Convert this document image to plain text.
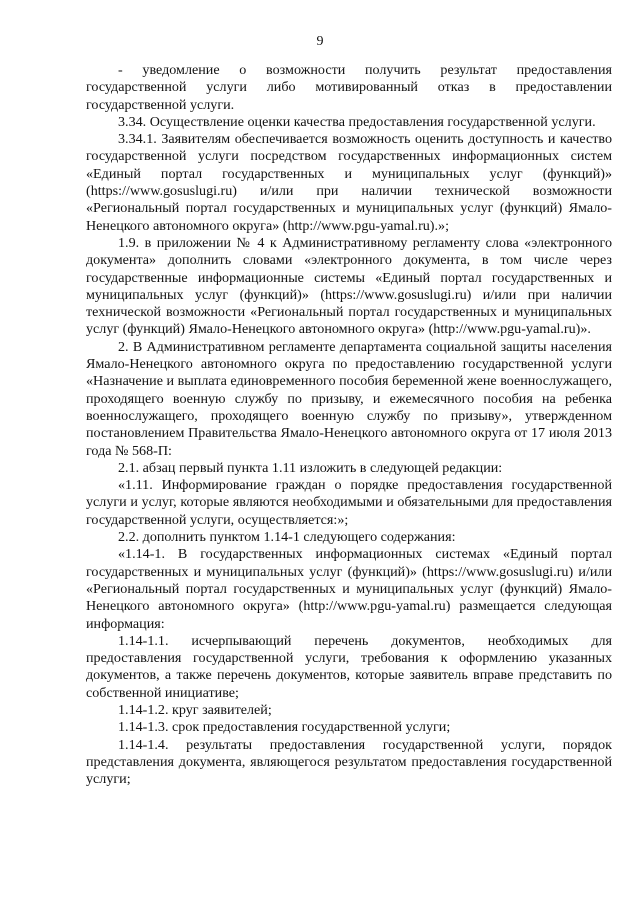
9

- уведомление о возможности получить результат предоставления государственной услуги либо мотивированный отказ в предоставлении государственной услуги.

3.34. Осуществление оценки качества предоставления государственной услуги.

3.34.1. Заявителям обеспечивается возможность оценить доступность и качество государственной услуги посредством государственных информационных систем «Единый портал государственных и муниципальных услуг (функций)» (https://www.gosuslugi.ru) и/или при наличии технической возможности «Региональный портал государственных и муниципальных услуг (функций) Ямало-Ненецкого автономного округа» (http://www.pgu-yamal.ru).»;

1.9. в приложении № 4 к Административному регламенту слова «электронного документа» дополнить словами «электронного документа, в том числе через государственные информационные системы «Единый портал государственных и муниципальных услуг (функций)» (https://www.gosuslugi.ru) и/или при наличии технической возможности «Региональный портал государственных и муниципальных услуг (функций) Ямало-Ненецкого автономного округа» (http://www.pgu-yamal.ru)».

2. В Административном регламенте департамента социальной защиты населения Ямало-Ненецкого автономного округа по предоставлению государственной услуги «Назначение и выплата единовременного пособия беременной жене военнослужащего, проходящего военную службу по призыву, и ежемесячного пособия на ребенка военнослужащего, проходящего военную службу по призыву», утвержденном постановлением Правительства Ямало-Ненецкого автономного округа от 17 июля 2013 года № 568-П:

2.1. абзац первый пункта 1.11 изложить в следующей редакции:

«1.11. Информирование граждан о порядке предоставления государственной услуги и услуг, которые являются необходимыми и обязательными для предоставления государственной услуги, осуществляется:»;

2.2. дополнить пунктом 1.14-1 следующего содержания:

«1.14-1. В государственных информационных системах «Единый портал государственных и муниципальных услуг (функций)» (https://www.gosuslugi.ru) и/или «Региональный портал государственных и муниципальных услуг (функций) Ямало-Ненецкого автономного округа» (http://www.pgu-yamal.ru) размещается следующая информация:

1.14-1.1. исчерпывающий перечень документов, необходимых для предоставления государственной услуги, требования к оформлению указанных документов, а также перечень документов, которые заявитель вправе представить по собственной инициативе;

1.14-1.2. круг заявителей;

1.14-1.3. срок предоставления государственной услуги;

1.14-1.4. результаты предоставления государственной услуги, порядок представления документа, являющегося результатом предоставления государственной услуги;
